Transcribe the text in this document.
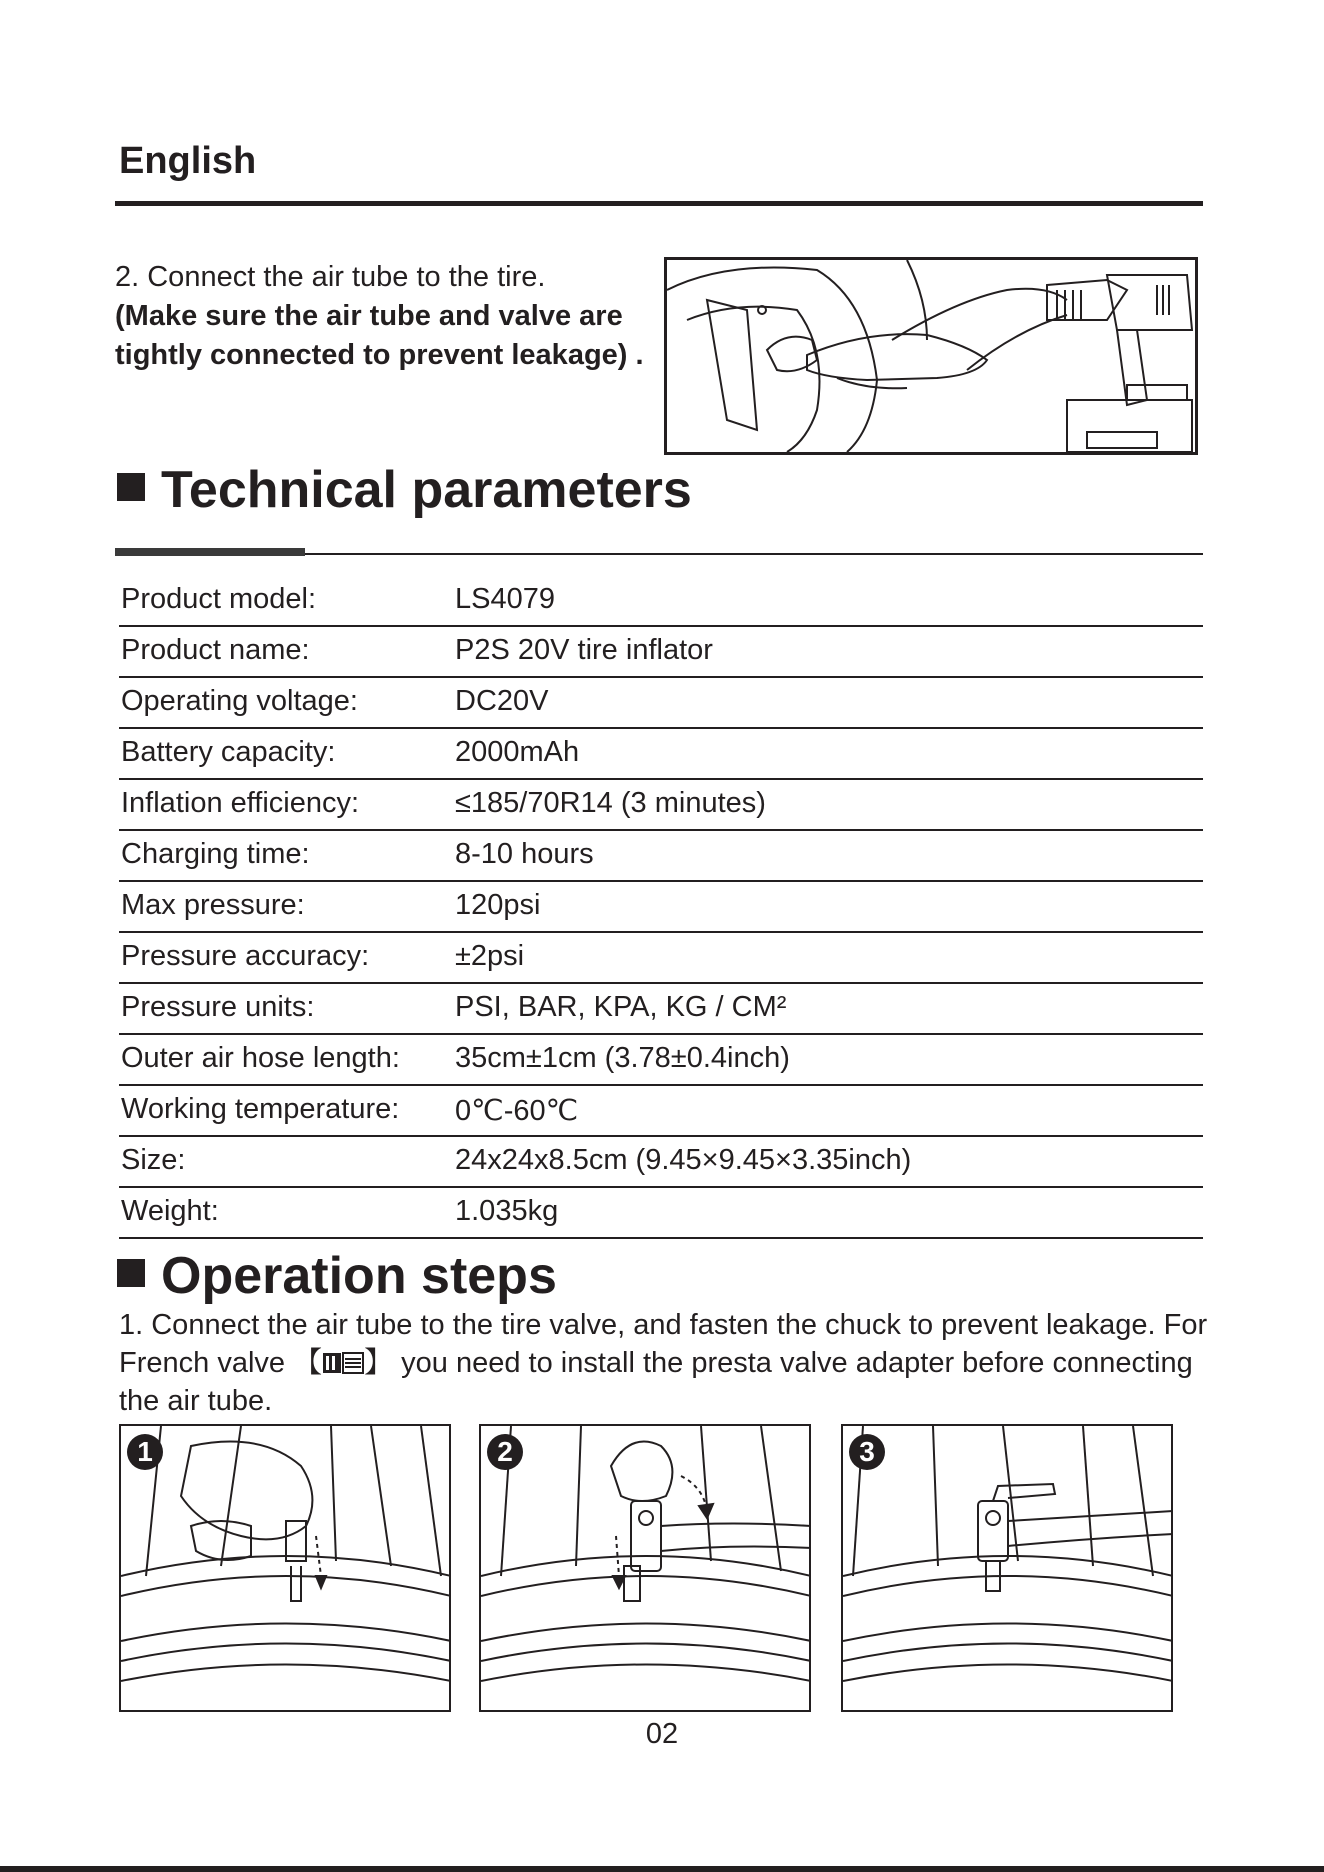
English
2. Connect the air tube to the tire.
(Make sure the air tube and valve are tightly connected to prevent leakage) .
Technical parameters
Product model:	LS4079
Product name:	P2S 20V tire inflator
Operating voltage:	DC20V
Battery capacity:	2000mAh
Inflation efficiency:	≤185/70R14 (3 minutes)
Charging time:	8-10 hours
Max pressure:	120psi
Pressure accuracy:	±2psi
Pressure units:	PSI, BAR, KPA, KG / CM²
Outer air hose length: 35cm±1cm (3.78±0.4inch)
Working temperature: 0℃-60℃
Size:	24x24x8.5cm (9.45×9.45×3.35inch)
Weight:	1.035kg
Operation steps
1. Connect the air tube to the tire valve, and fasten the chuck to prevent leakage. For French valve 【 】 you need to install the presta valve adapter before connecting the air tube.
1	2	3
02
